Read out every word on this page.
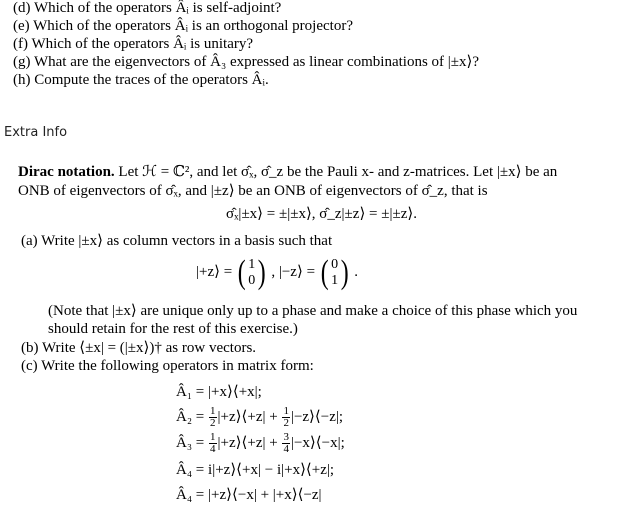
(d) Which of the operators Âᵢ is self-adjoint?
(e) Which of the operators Âᵢ is an orthogonal projector?
(f) Which of the operators Âᵢ is unitary?
(g) What are the eigenvectors of Â₃ expressed as linear combinations of |±x⟩?
(h) Compute the traces of the operators Âᵢ.
Extra Info
Dirac notation. Let ℋ = ℂ², and let σ̂ₓ, σ̂_z be the Pauli x- and z-matrices. Let |±x⟩ be an
ONB of eigenvectors of σ̂ₓ, and |±z⟩ be an ONB of eigenvectors of σ̂_z, that is
σ̂ₓ|±x⟩ = ±|±x⟩, σ̂_z|±z⟩ = ±|±z⟩.
(a) Write |±x⟩ as column vectors in a basis such that
|+z⟩ = ( 1
0 ) , |−z⟩ = ( 0
1 ) .
(Note that |±x⟩ are unique only up to a phase and make a choice of this phase which you
should retain for the rest of this exercise.)
(b) Write ⟨±x| = (|±x⟩)† as row vectors.
(c) Write the following operators in matrix form:
Â₁ = |+x⟩⟨+x|;
Â₂ = $\frac{1}{2}$ |+z⟩⟨+z| + $\frac{1}{2}$ |−z⟩⟨−z|;
Â₃ = $\frac{1}{4}$ |+z⟩⟨+z| + $\frac{3}{4}$ |−x⟩⟨−x|;
Â₄ = i|+z⟩⟨+x| − i|+x⟩⟨+z|;
Â₄ = |+z⟩⟨−x| + |+x⟩⟨−z|
